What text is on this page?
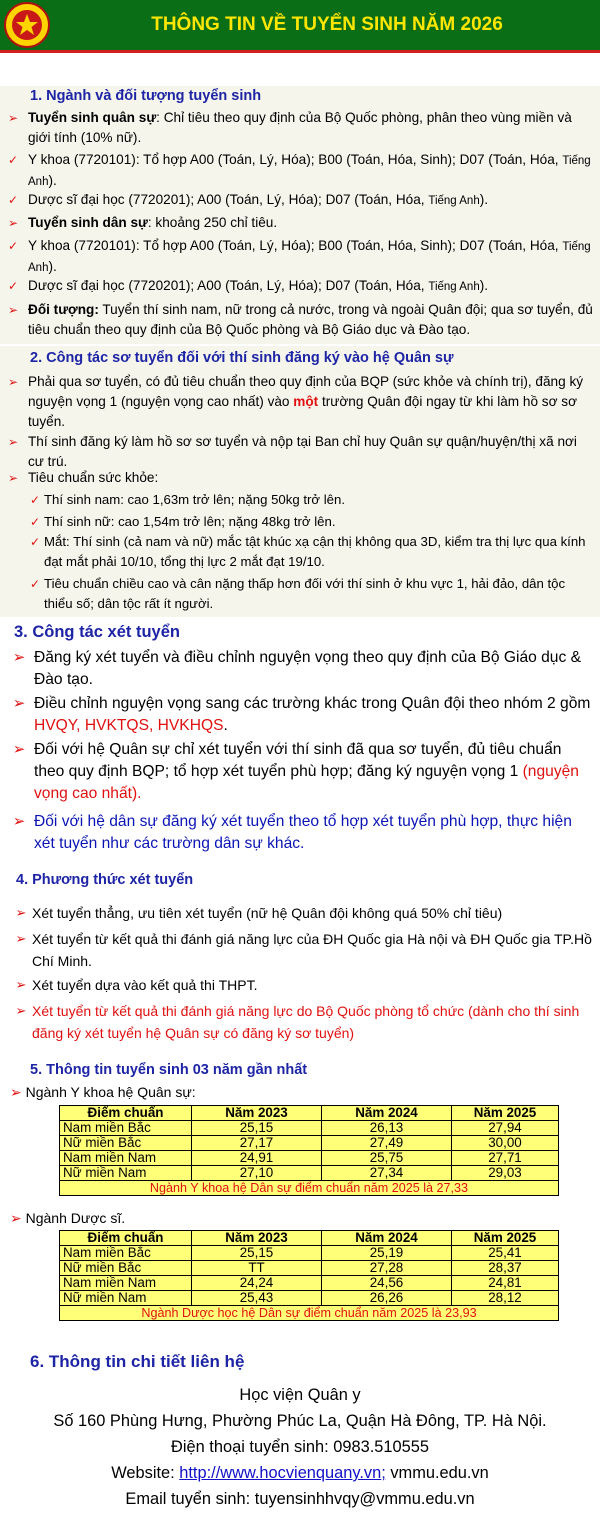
THÔNG TIN VỀ TUYỂN SINH NĂM 2026
1. Ngành và đối tượng tuyển sinh
➢ Tuyển sinh quân sự: Chỉ tiêu theo quy định của Bộ Quốc phòng, phân theo vùng miền và giới tính (10% nữ).
✓ Y khoa (7720101): Tổ hợp A00 (Toán, Lý, Hóa); B00 (Toán, Hóa, Sinh); D07 (Toán, Hóa, Tiếng Anh).
✓ Dược sĩ đại học (7720201); A00 (Toán, Lý, Hóa); D07 (Toán, Hóa, Tiếng Anh).
➢ Tuyển sinh dân sự: khoảng 250 chỉ tiêu.
✓ Y khoa (7720101): Tổ hợp A00 (Toán, Lý, Hóa); B00 (Toán, Hóa, Sinh); D07 (Toán, Hóa, Tiếng Anh).
✓ Dược sĩ đại học (7720201); A00 (Toán, Lý, Hóa); D07 (Toán, Hóa, Tiếng Anh).
➢ Đối tượng: Tuyển thí sinh nam, nữ trong cả nước, trong và ngoài Quân đội; qua sơ tuyển, đủ tiêu chuẩn theo quy định của Bộ Quốc phòng và Bộ Giáo dục và Đào tạo.
2. Công tác sơ tuyển đối với thí sinh đăng ký vào hệ Quân sự
➢ Phải qua sơ tuyển, có đủ tiêu chuẩn theo quy định của BQP (sức khỏe và chính trị), đăng ký nguyện vọng 1 (nguyện vọng cao nhất) vào một trường Quân đội ngay từ khi làm hồ sơ sơ tuyển.
➢ Thí sinh đăng ký làm hồ sơ sơ tuyển và nộp tại Ban chỉ huy Quân sự quận/huyện/thị xã nơi cư trú.
➢ Tiêu chuẩn sức khỏe:
✓ Thí sinh nam: cao 1,63m trở lên; nặng 50kg trở lên.
✓ Thí sinh nữ: cao 1,54m trở lên; nặng 48kg trở lên.
✓ Mắt: Thí sinh (cả nam và nữ) mắc tật khúc xạ cận thị không qua 3D, kiểm tra thị lực qua kính đạt mắt phải 10/10, tổng thị lực 2 mắt đạt 19/10.
✓ Tiêu chuẩn chiều cao và cân nặng thấp hơn đối với thí sinh ở khu vực 1, hải đảo, dân tộc thiểu số; dân tộc rất ít người.
3. Công tác xét tuyển
➢ Đăng ký xét tuyển và điều chỉnh nguyện vọng theo quy định của Bộ Giáo dục & Đào tạo.
➢ Điều chỉnh nguyện vọng sang các trường khác trong Quân đội theo nhóm 2 gồm HVQY, HVKTQS, HVKHQS.
➢ Đối với hệ Quân sự chỉ xét tuyển với thí sinh đã qua sơ tuyển, đủ tiêu chuẩn theo quy định BQP; tổ hợp xét tuyển phù hợp; đăng ký nguyện vọng 1 (nguyện vọng cao nhất).
➢ Đối với hệ dân sự đăng ký xét tuyển theo tổ hợp xét tuyển phù hợp, thực hiện xét tuyển như các trường dân sự khác.
4. Phương thức xét tuyển
➢ Xét tuyển thẳng, ưu tiên xét tuyển (nữ hệ Quân đội không quá 50% chỉ tiêu)
➢ Xét tuyển từ kết quả thi đánh giá năng lực của ĐH Quốc gia Hà nội và ĐH Quốc gia TP.Hồ Chí Minh.
➢ Xét tuyển dựa vào kết quả thi THPT.
➢ Xét tuyển từ kết quả thi đánh giá năng lực do Bộ Quốc phòng tổ chức (dành cho thí sinh đăng ký xét tuyển hệ Quân sự có đăng ký sơ tuyển)
5. Thông tin tuyển sinh 03 năm gần nhất
➢ Ngành Y khoa hệ Quân sự:
Điểm chuẩn	Năm 2023	Năm 2024	Năm 2025
Nam miền Bắc	25,15	26,13	27,94
Nữ miền Bắc	27,17	27,49	30,00
Nam miền Nam	24,91	25,75	27,71
Nữ miền Nam	27,10	27,34	29,03
Ngành Y khoa hệ Dân sự điểm chuẩn năm 2025 là 27,33			
➢ Ngành Dược sĩ.
Điểm chuẩn	Năm 2023	Năm 2024	Năm 2025
Nam miền Bắc	25,15	25,19	25,41
Nữ miền Bắc	TT	27,28	28,37
Nam miền Nam	24,24	24,56	24,81
Nữ miền Nam	25,43	26,26	28,12
Ngành Dược học hệ Dân sự điểm chuẩn năm 2025 là 23,93			
6. Thông tin chi tiết liên hệ
Học viện Quân y
Số 160 Phùng Hưng, Phường Phúc La, Quận Hà Đông, TP. Hà Nội.
Điện thoại tuyển sinh: 0983.510555
Website: http://www.hocvienquany.vn; vmmu.edu.vn
Email tuyển sinh: tuyensinhhvqy@vmmu.edu.vn
